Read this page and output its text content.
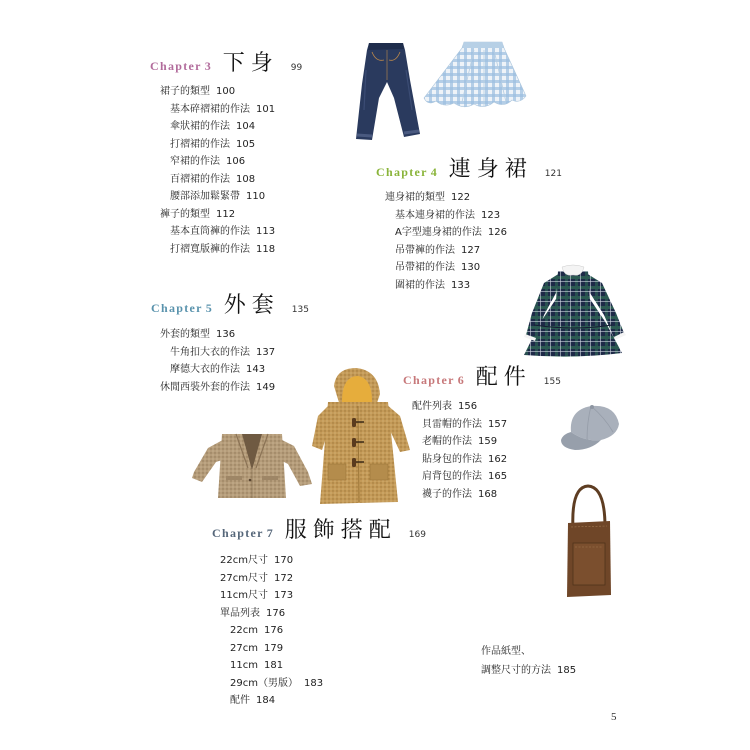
Chapter 3 下身 99
裙子的類型 100
基本碎褶裙的作法 101
傘狀裙的作法 104
打褶裙的作法 105
窄裙的作法 106
百褶裙的作法 108
腰部添加鬆緊帶 110
褲子的類型 112
基本直筒褲的作法 113
打褶寬版褲的作法 118
Chapter 4 連身裙 121
連身裙的類型 122
基本連身裙的作法 123
A字型連身裙的作法 126
吊帶褲的作法 127
吊帶裙的作法 130
圍裙的作法 133
Chapter 5 外套 135
外套的類型 136
牛角扣大衣的作法 137
摩德大衣的作法 143
休閒西裝外套的作法 149	Chapter 6 配件 155
配件列表 156
貝雷帽的作法 157
老帽的作法 159
貼身包的作法 162
肩背包的作法 165
襪子的作法 168
Chapter 7 服飾搭配 169
22cm尺寸 170
27cm尺寸 172
11cm尺寸 173
單品列表 176
22cm 176
27cm 179
11cm 181
29cm（男版） 183
配件 184
作品紙型、
調整尺寸的方法 185
5
